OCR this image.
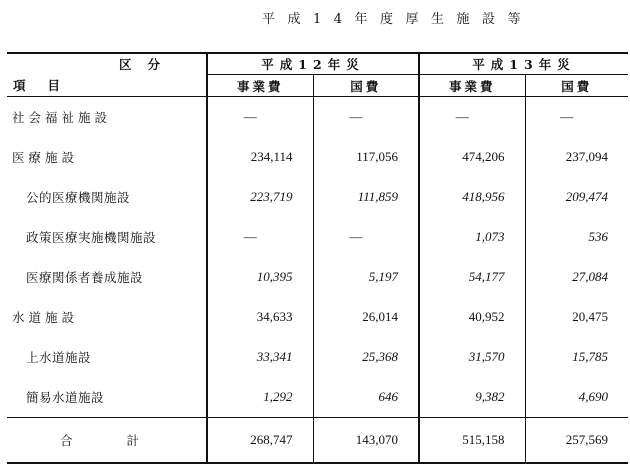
平成14年度厚生施設等
区分	平成12年災		平成13年災	
項目	事業費	国費	事業費	国費
社会福祉施設	―	―	―	―
医療施設	234,114	117,056	474,206	237,094
公的医療機関施設	223,719	111,859	418,956	209,474
政策医療実施機関施設	―	―	1,073	536
医療関係者養成施設	10,395	5,197	54,177	27,084
水道施設	34,633	26,014	40,952	20,475
上水道施設	33,341	25,368	31,570	15,785
簡易水道施設	1,292	646	9,382	4,690
合計	268,747	143,070	515,158	257,569
